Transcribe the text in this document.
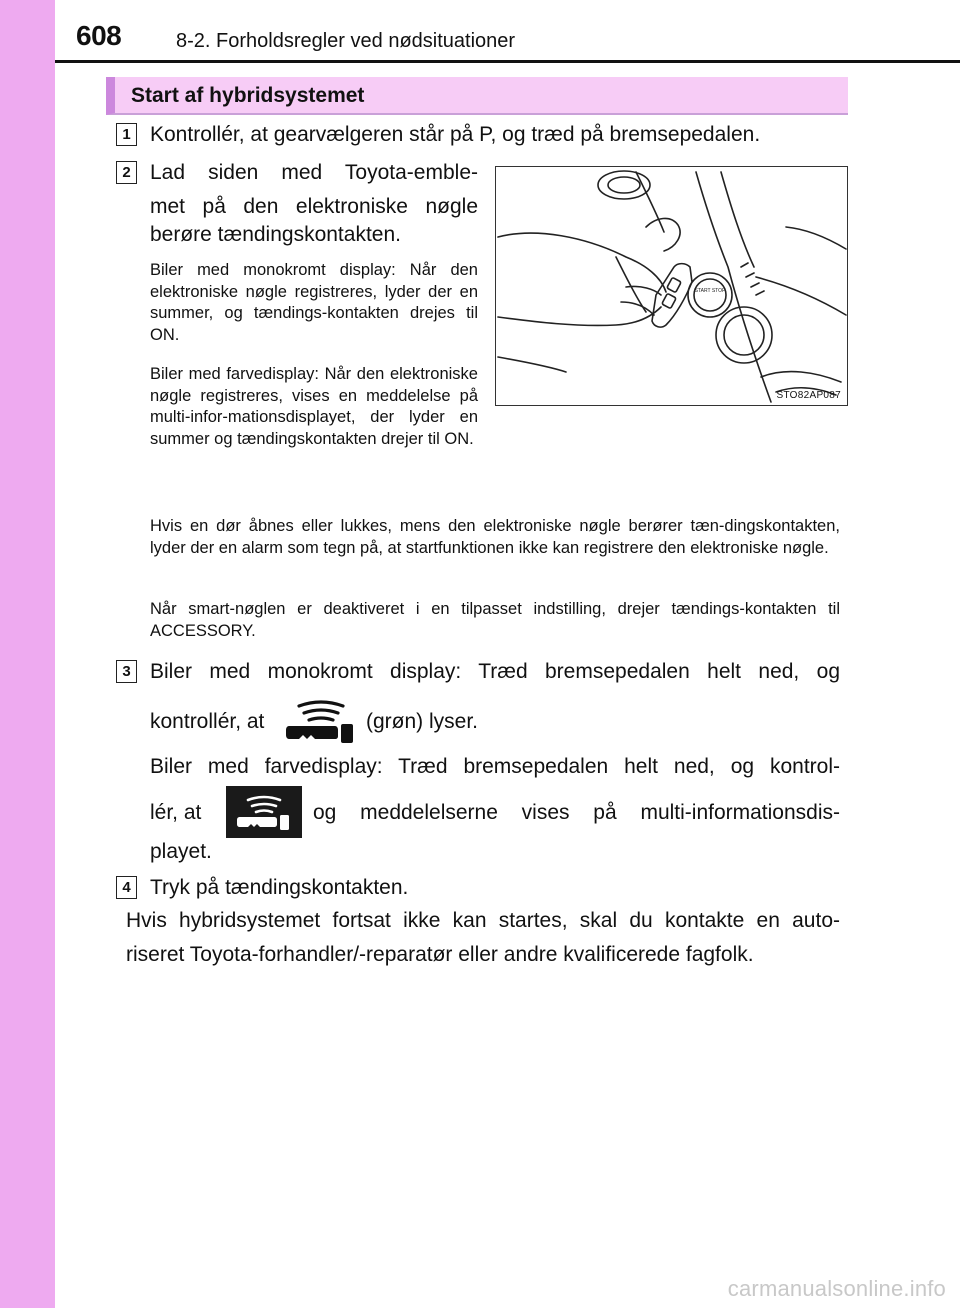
608	8-2. Forholdsregler ved nødsituationer
Start af hybridsystemet
1 Kontrollér, at gearvælgeren står på P, og træd på bremsepedalen.
2 Lad siden med Toyota-emble-
met på den elektroniske nøgle
berøre tændingskontakten.
Biler med monokromt display: Når den elektroniske nøgle registreres, lyder der en summer, og tændings-kontakten drejes til ON.
Biler med farvedisplay: Når den elektroniske nøgle registreres, vises en meddelelse på multi-infor-mationsdisplayet, der lyder en summer og tændingskontakten drejer til ON.
Hvis en dør åbnes eller lukkes, mens den elektroniske nøgle berører tæn-dingskontakten, lyder der en alarm som tegn på, at startfunktionen ikke kan registrere den elektroniske nøgle.
Når smart-nøglen er deaktiveret i en tilpasset indstilling, drejer tændings-kontakten til ACCESSORY.
START STOP
STO82AP087
3 Biler med monokromt display: Træd bremsepedalen helt ned, og
kontrollér, at	(grøn) lyser.
Biler med farvedisplay: Træd bremsepedalen helt ned, og kontrol-
lér, at	og meddelelserne vises på multi-informationsdis-
playet.
4 Tryk på tændingskontakten.
Hvis hybridsystemet fortsat ikke kan startes, skal du kontakte en auto-
riseret Toyota-forhandler/-reparatør eller andre kvalificerede fagfolk.
carmanualsonline.info
